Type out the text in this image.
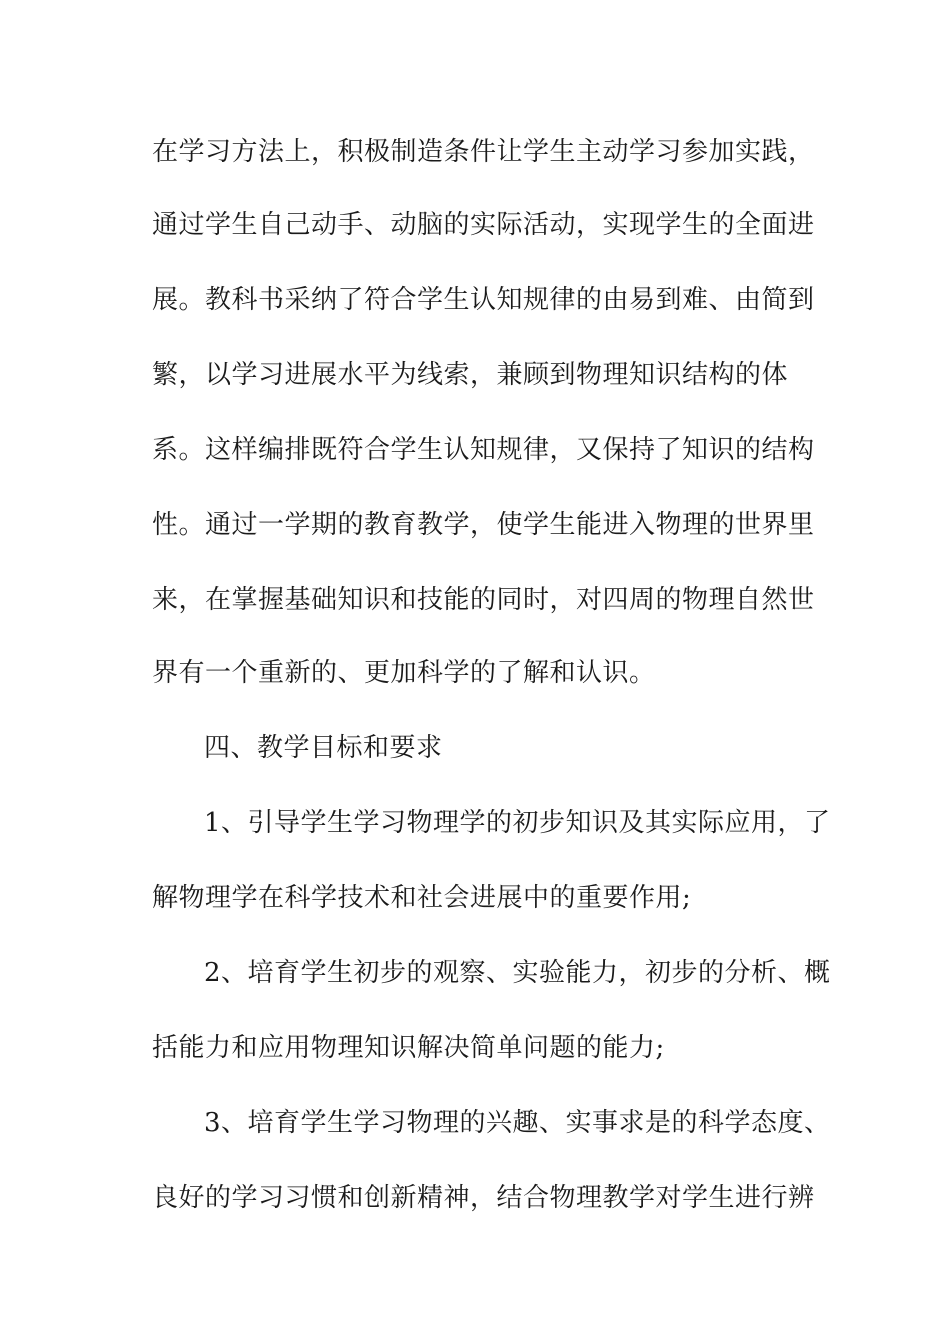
在学习方法上，积极制造条件让学生主动学习参加实践，
通过学生自己动手、动脑的实际活动，实现学生的全面进
展。教科书采纳了符合学生认知规律的由易到难、由简到
繁，以学习进展水平为线索，兼顾到物理知识结构的体
系。这样编排既符合学生认知规律，又保持了知识的结构
性。通过一学期的教育教学，使学生能进入物理的世界里
来，在掌握基础知识和技能的同时，对四周的物理自然世
界有一个重新的、更加科学的了解和认识。
四、教学目标和要求
1、引导学生学习物理学的初步知识及其实际应用，了
解物理学在科学技术和社会进展中的重要作用;
2、培育学生初步的观察、实验能力，初步的分析、概
括能力和应用物理知识解决简单问题的能力;
3、培育学生学习物理的兴趣、实事求是的科学态度、
良好的学习习惯和创新精神，结合物理教学对学生进行辨
